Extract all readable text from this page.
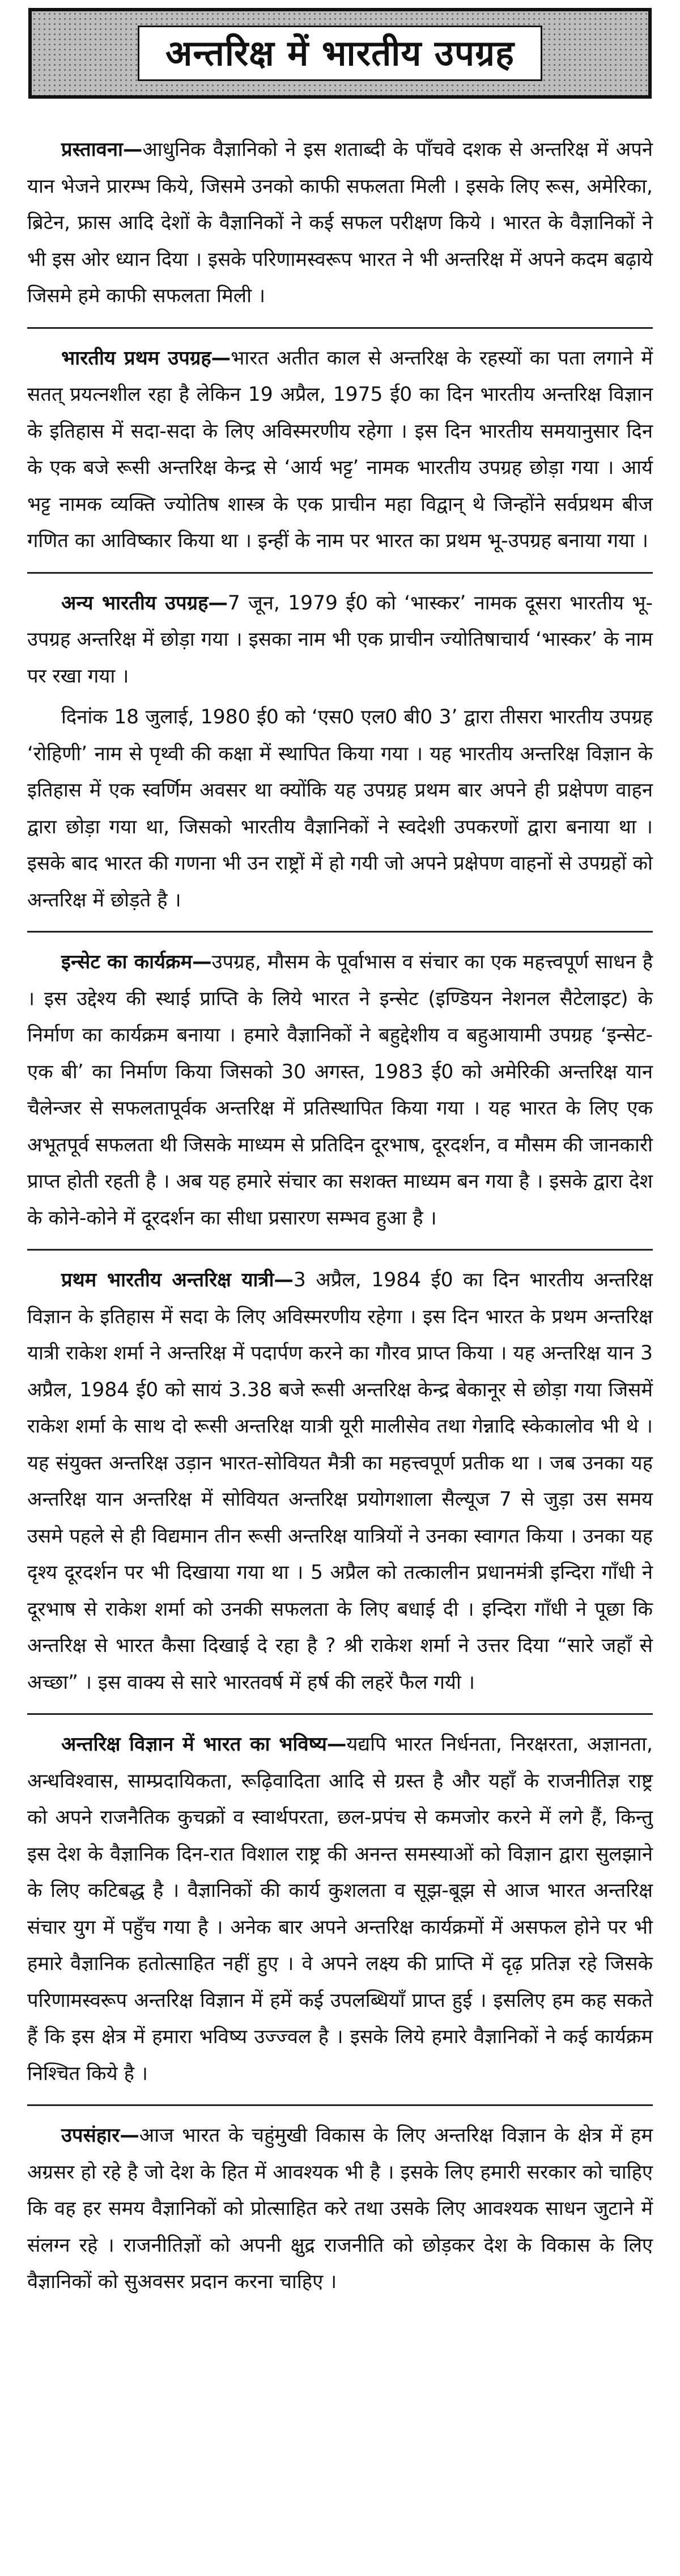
अन्तरिक्ष में भारतीय उपग्रह

प्रस्तावना—आधुनिक वैज्ञानिको ने इस शताब्दी के पाँचवे दशक से अन्तरिक्ष में अपने यान भेजने प्रारम्भ किये, जिसमे उनको काफी सफलता मिली । इसके लिए रूस, अमेरिका, ब्रिटेन, फ्रास आदि देशों के वैज्ञानिकों ने कई सफल परीक्षण किये । भारत के वैज्ञानिकों ने भी इस ओर ध्यान दिया । इसके परिणामस्वरूप भारत ने भी अन्तरिक्ष में अपने कदम बढ़ाये जिसमे हमे काफी सफलता मिली ।

भारतीय प्रथम उपग्रह—भारत अतीत काल से अन्तरिक्ष के रहस्यों का पता लगाने में सतत् प्रयत्नशील रहा है लेकिन 19 अप्रैल, 1975 ई0 का दिन भारतीय अन्तरिक्ष विज्ञान के इतिहास में सदा-सदा के लिए अविस्मरणीय रहेगा । इस दिन भारतीय समयानुसार दिन के एक बजे रूसी अन्तरिक्ष केन्द्र से ‘आर्य भट्ट’ नामक भारतीय उपग्रह छोड़ा गया । आर्य भट्ट नामक व्यक्ति ज्योतिष शास्त्र के एक प्राचीन महा विद्वान् थे जिन्होंने सर्वप्रथम बीज गणित का आविष्कार किया था । इन्हीं के नाम पर भारत का प्रथम भू-उपग्रह बनाया गया ।

अन्य भारतीय उपग्रह—7 जून, 1979 ई0 को ‘भास्कर’ नामक दूसरा भारतीय भू-उपग्रह अन्तरिक्ष में छोड़ा गया । इसका नाम भी एक प्राचीन ज्योतिषाचार्य ‘भास्कर’ के नाम पर रखा गया ।

दिनांक 18 जुलाई, 1980 ई0 को ‘एस0 एल0 बी0 3’ द्वारा तीसरा भारतीय उपग्रह ‘रोहिणी’ नाम से पृथ्वी की कक्षा में स्थापित किया गया । यह भारतीय अन्तरिक्ष विज्ञान के इतिहास में एक स्वर्णिम अवसर था क्योंकि यह उपग्रह प्रथम बार अपने ही प्रक्षेपण वाहन द्वारा छोड़ा गया था, जिसको भारतीय वैज्ञानिकों ने स्वदेशी उपकरणों द्वारा बनाया था । इसके बाद भारत की गणना भी उन राष्ट्रों में हो गयी जो अपने प्रक्षेपण वाहनों से उपग्रहों को अन्तरिक्ष में छोड़ते है ।

इन्सेट का कार्यक्रम—उपग्रह, मौसम के पूर्वाभास व संचार का एक महत्त्वपूर्ण साधन है । इस उद्देश्य की स्थाई प्राप्ति के लिये भारत ने इन्सेट (इण्डियन नेशनल सैटेलाइट) के निर्माण का कार्यक्रम बनाया । हमारे वैज्ञानिकों ने बहुद्देशीय व बहुआयामी उपग्रह ‘इन्सेट-एक बी’ का निर्माण किया जिसको 30 अगस्त, 1983 ई0 को अमेरिकी अन्तरिक्ष यान चैलेन्जर से सफलतापूर्वक अन्तरिक्ष में प्रतिस्थापित किया गया । यह भारत के लिए एक अभूतपूर्व सफलता थी जिसके माध्यम से प्रतिदिन दूरभाष, दूरदर्शन, व मौसम की जानकारी प्राप्त होती रहती है । अब यह हमारे संचार का सशक्त माध्यम बन गया है । इसके द्वारा देश के कोने-कोने में दूरदर्शन का सीधा प्रसारण सम्भव हुआ है ।

प्रथम भारतीय अन्तरिक्ष यात्री—3 अप्रैल, 1984 ई0 का दिन भारतीय अन्तरिक्ष विज्ञान के इतिहास में सदा के लिए अविस्मरणीय रहेगा । इस दिन भारत के प्रथम अन्तरिक्ष यात्री राकेश शर्मा ने अन्तरिक्ष में पदार्पण करने का गौरव प्राप्त किया । यह अन्तरिक्ष यान 3 अप्रैल, 1984 ई0 को सायं 3.38 बजे रूसी अन्तरिक्ष केन्द्र बेकानूर से छोड़ा गया जिसमें राकेश शर्मा के साथ दो रूसी अन्तरिक्ष यात्री यूरी मालीसेव तथा गेन्नादि स्केकालोव भी थे । यह संयुक्त अन्तरिक्ष उड़ान भारत-सोवियत मैत्री का महत्त्वपूर्ण प्रतीक था । जब उनका यह अन्तरिक्ष यान अन्तरिक्ष में सोवियत अन्तरिक्ष प्रयोगशाला सैल्यूज 7 से जुड़ा उस समय उसमे पहले से ही विद्यमान तीन रूसी अन्तरिक्ष यात्रियों ने उनका स्वागत किया । उनका यह दृश्य दूरदर्शन पर भी दिखाया गया था । 5 अप्रैल को तत्कालीन प्रधानमंत्री इन्दिरा गाँधी ने दूरभाष से राकेश शर्मा को उनकी सफलता के लिए बधाई दी । इन्दिरा गाँधी ने पूछा कि अन्तरिक्ष से भारत कैसा दिखाई दे रहा है ? श्री राकेश शर्मा ने उत्तर दिया “सारे जहाँ से अच्छा” । इस वाक्य से सारे भारतवर्ष में हर्ष की लहरें फैल गयी ।

अन्तरिक्ष विज्ञान में भारत का भविष्य—यद्यपि भारत निर्धनता, निरक्षरता, अज्ञानता, अन्धविश्वास, साम्प्रदायिकता, रूढ़िवादिता आदि से ग्रस्त है और यहाँ के राजनीतिज्ञ राष्ट्र को अपने राजनैतिक कुचक्रों व स्वार्थपरता, छल-प्रपंच से कमजोर करने में लगे हैं, किन्तु इस देश के वैज्ञानिक दिन-रात विशाल राष्ट्र की अनन्त समस्याओं को विज्ञान द्वारा सुलझाने के लिए कटिबद्ध है । वैज्ञानिकों की कार्य कुशलता व सूझ-बूझ से आज भारत अन्तरिक्ष संचार युग में पहुँच गया है । अनेक बार अपने अन्तरिक्ष कार्यक्रमों में असफल होने पर भी हमारे वैज्ञानिक हतोत्साहित नहीं हुए । वे अपने लक्ष्य की प्राप्ति में दृढ़ प्रतिज्ञ रहे जिसके परिणामस्वरूप अन्तरिक्ष विज्ञान में हमें कई उपलब्धियाँ प्राप्त हुई । इसलिए हम कह सकते हैं कि इस क्षेत्र में हमारा भविष्य उज्ज्वल है । इसके लिये हमारे वैज्ञानिकों ने कई कार्यक्रम निश्चित किये है ।

उपसंहार—आज भारत के चहुंमुखी विकास के लिए अन्तरिक्ष विज्ञान के क्षेत्र में हम अग्रसर हो रहे है जो देश के हित में आवश्यक भी है । इसके लिए हमारी सरकार को चाहिए कि वह हर समय वैज्ञानिकों को प्रोत्साहित करे तथा उसके लिए आवश्यक साधन जुटाने में संलग्न रहे । राजनीतिज्ञों को अपनी क्षुद्र राजनीति को छोड़कर देश के विकास के लिए वैज्ञानिकों को सुअवसर प्रदान करना चाहिए ।
